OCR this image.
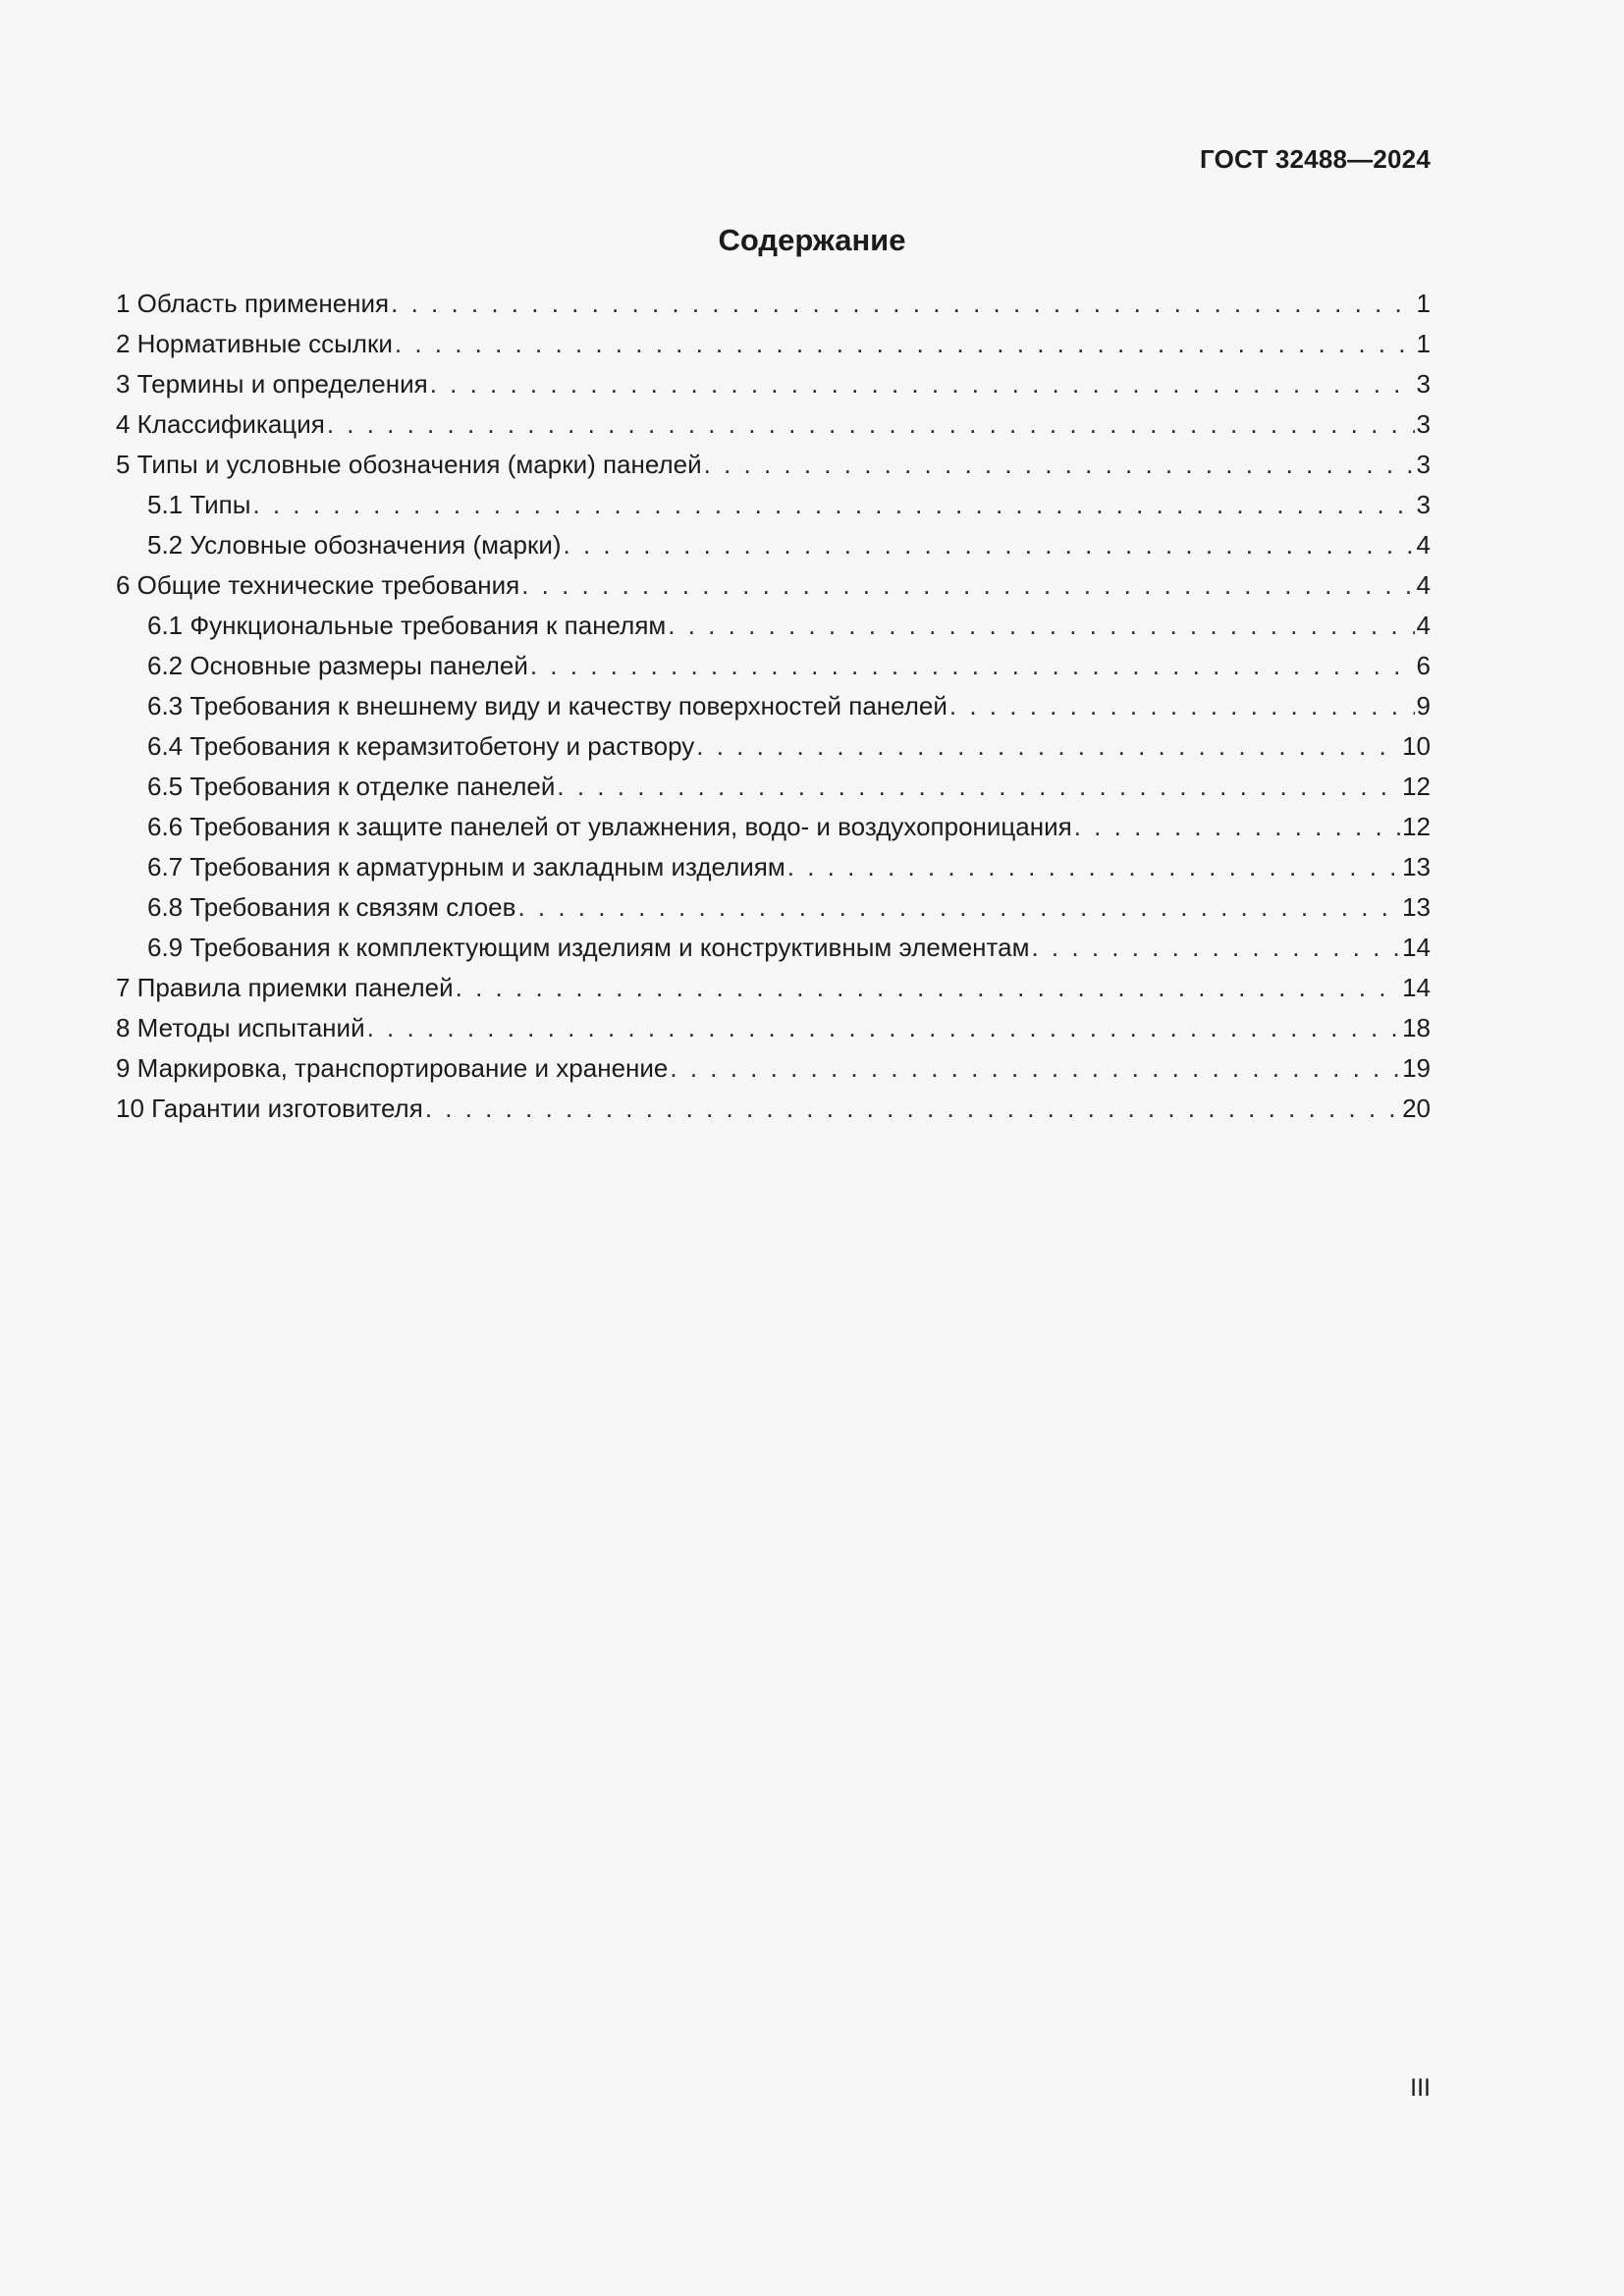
ГОСТ 32488—2024
Содержание
1 Область применения . . .	1
2 Нормативные ссылки . . .	1
3 Термины и определения . . .	3
4 Классификация . . .	3
5 Типы и условные обозначения (марки) панелей . . .	3
5.1 Типы . . .	3
5.2 Условные обозначения (марки) . . .	4
6 Общие технические требования . . .	4
6.1 Функциональные требования к панелям . . .	4
6.2 Основные размеры панелей . . .	6
6.3 Требования к внешнему виду и качеству поверхностей панелей . . .	9
6.4 Требования к керамзитобетону и раствору . . .	10
6.5 Требования к отделке панелей . . .	12
6.6 Требования к защите панелей от увлажнения, водо- и воздухопроницания . . .	12
6.7 Требования к арматурным и закладным изделиям . . .	13
6.8 Требования к связям слоев . . .	13
6.9 Требования к комплектующим изделиям и конструктивным элементам . . .	14
7 Правила приемки панелей . . .	14
8 Методы испытаний . . .	18
9 Маркировка, транспортирование и хранение . . .	19
10 Гарантии изготовителя . . .	20
III
